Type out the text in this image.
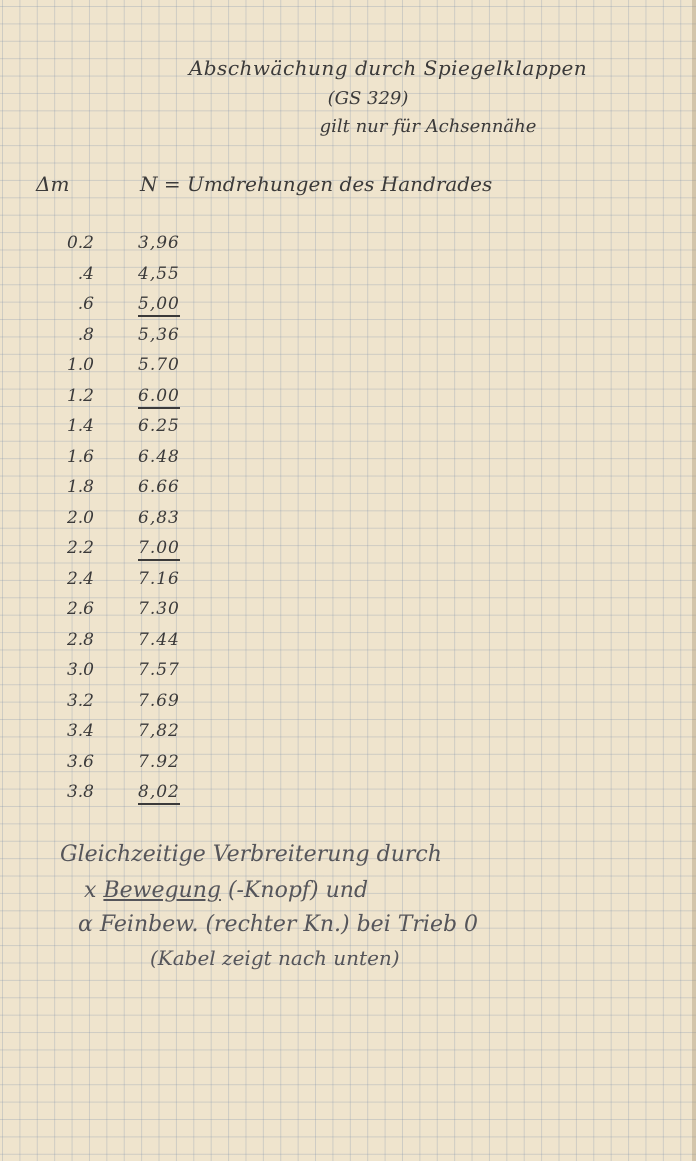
Abschwächung durch Spiegelklappen
(GS 329)
gilt nur für Achsennähe
Δm	N = Umdrehungen des Handrades
0.2	3,96
.4	4,55
.6	5,00
.8	5,36
1.0	5.70
1.2	6.00
1.4	6.25
1.6	6.48
1.8	6.66
2.0	6,83
2.2	7.00
2.4	7.16
2.6	7.30
2.8	7.44
3.0	7.57
3.2	7.69
3.4	7,82
3.6	7.92
3.8	8,02
Gleichzeitige Verbreiterung durch
x Bewegung (-Knopf) und
α Feinbew. (rechter Kn.) bei Trieb 0
(Kabel zeigt nach unten)
